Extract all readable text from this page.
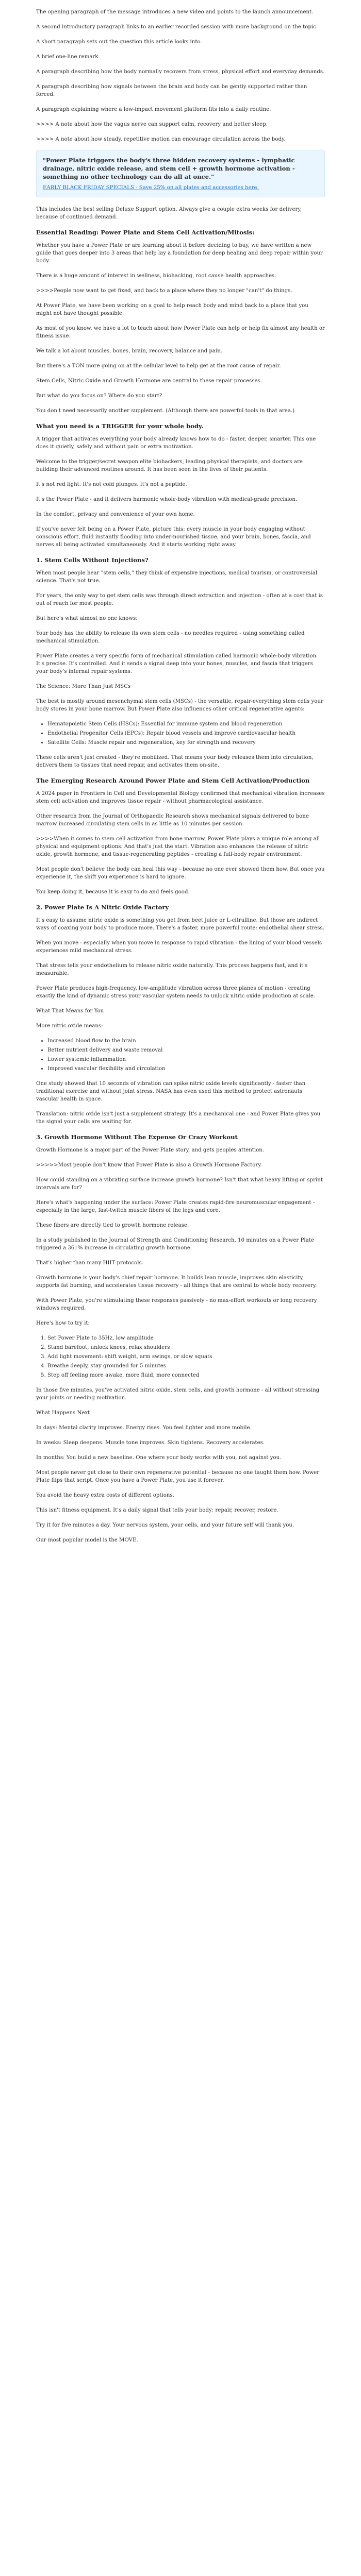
The opening paragraph of the message introduces a new video and points to the launch announcement.

A second introductory paragraph links to an earlier recorded session with more background on the topic.

A short paragraph sets out the question this article looks into.

A brief one-line remark.

A paragraph describing how the body normally recovers from stress, physical effort and everyday demands.

A paragraph describing how signals between the brain and body can be gently supported rather than forced.

A paragraph explaining where a low-impact movement platform fits into a daily routine.

>>>> A note about how the vagus nerve can support calm, recovery and better sleep.

>>>> A note about how steady, repetitive motion can encourage circulation across the body.

"Power Plate triggers the body's three hidden recovery systems - lymphatic drainage, nitric oxide release, and stem cell + growth hormone activation - something no other technology can do all at once."

EARLY BLACK FRIDAY SPECIALS - Save 25% on all plates and accessories here.

This includes the best selling Deluxe Support option. Always give a couple extra weeks for delivery, because of continued demand.

Essential Reading: Power Plate and Stem Cell Activation/Mitosis:

Whether you have a Power Plate or are learning about it before deciding to buy, we have written a new guide that goes deeper into 3 areas that help lay a foundation for deep healing and deep repair within your body.

There is a huge amount of interest in wellness, biohacking, root cause health approaches.

>>>>People now want to get fixed, and back to a place where they no longer "can't" do things.

At Power Plate, we have been working on a goal to help reach body and mind back to a place that you might not have thought possible.

As most of you know, we have a lot to teach about how Power Plate can help or help fix almost any health or fitness issue.

We talk a lot about muscles, bones, brain, recovery, balance and pain.

But there's a TON more going on at the cellular level to help get at the root cause of repair.

Stem Cells, Nitric Oxide and Growth Hormone are central to these repair processes.

But what do you focus on? Where do you start?

You don't need necessarily another supplement. (Although there are powerful tools in that area.)

What you need is a TRIGGER for your whole body.

A trigger that activates everything your body already knows how to do - faster, deeper, smarter. This one does it quietly, safely and without pain or extra motivation.

Welcome to the trigger/secret weapon elite biohackers, leading physical therapists, and doctors are building their advanced routines around. It has been seen in the lives of their patients.

It's not red light. It's not cold plunges. It's not a peptide.

It's the Power Plate - and it delivers harmonic whole-body vibration with medical-grade precision.

In the comfort, privacy and convenience of your own home.

If you've never felt being on a Power Plate, picture this: every muscle in your body engaging without conscious effort, fluid instantly flooding into under-nourished tissue, and your brain, bones, fascia, and nerves all being activated simultaneously. And it starts working right away.

1. Stem Cells Without Injections?

When most people hear "stem cells," they think of expensive injections, medical tourism, or controversial science. That's not true.

For years, the only way to get stem cells was through direct extraction and injection - often at a cost that is out of reach for most people.

But here's what almost no one knows:

Your body has the ability to release its own stem cells - no needles required - using something called mechanical stimulation.

Power Plate creates a very specific form of mechanical stimulation called harmonic whole-body vibration. It's precise. It's controlled. And it sends a signal deep into your bones, muscles, and fascia that triggers your body's internal repair systems.

The Science: More Than Just MSCs

The best is mostly around mesenchymal stem cells (MSCs) - the versatile, repair-everything stem cells your body stores in your bone marrow. But Power Plate also influences other critical regenerative agents:

• Hematopoietic Stem Cells (HSCs): Essential for immune system and blood regeneration
• Endothelial Progenitor Cells (EPCs): Repair blood vessels and improve cardiovascular health
• Satellite Cells: Muscle repair and regeneration, key for strength and recovery

These cells aren't just created - they're mobilized. That means your body releases them into circulation, delivers them to tissues that need repair, and activates them on-site.

The Emerging Research Around Power Plate and Stem Cell Activation/Production

A 2024 paper in Frontiers in Cell and Developmental Biology confirmed that mechanical vibration increases stem cell activation and improves tissue repair - without pharmacological assistance.

Other research from the Journal of Orthopaedic Research shows mechanical signals delivered to bone marrow increased circulating stem cells in as little as 10 minutes per session.

>>>>When it comes to stem cell activation from bone marrow, Power Plate plays a unique role among all physical and equipment options. And that's just the start. Vibration also enhances the release of nitric oxide, growth hormone, and tissue-regenerating peptides - creating a full-body repair environment.

Most people don't believe the body can heal this way - because no one ever showed them how. But once you experience it, the shift you experience is hard to ignore.

You keep doing it, because it is easy to do and feels good.

2. Power Plate Is A Nitric Oxide Factory

It's easy to assume nitric oxide is something you get from beet juice or L-citrulline. But those are indirect ways of coaxing your body to produce more. There's a faster, more powerful route: endothelial shear stress.

When you move - especially when you move in response to rapid vibration - the lining of your blood vessels experiences mild mechanical stress.

That stress tells your endothelium to release nitric oxide naturally. This process happens fast, and it's measurable.

Power Plate produces high-frequency, low-amplitude vibration across three planes of motion - creating exactly the kind of dynamic stress your vascular system needs to unlock nitric oxide production at scale.

What That Means for You

More nitric oxide means:

• Increased blood flow to the brain
• Better nutrient delivery and waste removal
• Lower systemic inflammation
• Improved vascular flexibility and circulation

One study showed that 10 seconds of vibration can spike nitric oxide levels significantly - faster than traditional exercise and without joint stress. NASA has even used this method to protect astronauts' vascular health in space.

Translation: nitric oxide isn't just a supplement strategy. It's a mechanical one - and Power Plate gives you the signal your cells are waiting for.

3. Growth Hormone Without The Expense Or Crazy Workout

Growth Hormone is a major part of the Power Plate story, and gets peoples attention.

>>>>>Most people don't know that Power Plate is also a Growth Hormone Factory.

How could standing on a vibrating surface increase growth hormone? Isn't that what heavy lifting or sprint intervals are for?

Here's what's happening under the surface: Power Plate creates rapid-fire neuromuscular engagement - especially in the large, fast-twitch muscle fibers of the legs and core.

These fibers are directly tied to growth hormone release.

In a study published in the Journal of Strength and Conditioning Research, 10 minutes on a Power Plate triggered a 361% increase in circulating growth hormone.

That's higher than many HIIT protocols.

Growth hormone is your body's chief repair hormone. It builds lean muscle, improves skin elasticity, supports fat burning, and accelerates tissue recovery - all things that are central to whole body recovery.

With Power Plate, you're stimulating these responses passively - no max-effort workouts or long recovery windows required.

Here's how to try it:

1. Set Power Plate to 35Hz, low amplitude
2. Stand barefoot, unlock knees, relax shoulders
3. Add light movement: shift weight, arm swings, or slow squats
4. Breathe deeply, stay grounded for 5 minutes
5. Step off feeling more awake, more fluid, more connected

In those five minutes, you've activated nitric oxide, stem cells, and growth hormone - all without stressing your joints or needing motivation.

What Happens Next

In days: Mental clarity improves. Energy rises. You feel lighter and more mobile.

In weeks: Sleep deepens. Muscle tone improves. Skin tightens. Recovery accelerates.

In months: You build a new baseline. One where your body works with you, not against you.

Most people never get close to their own regenerative potential - because no one taught them how. Power Plate flips that script. Once you have a Power Plate, you use it forever.

You avoid the heavy extra costs of different options.

This isn't fitness equipment. It's a daily signal that tells your body: repair, recover, restore.

Try it for five minutes a day. Your nervous system, your cells, and your future self will thank you.

Our most popular model is the MOVE.
